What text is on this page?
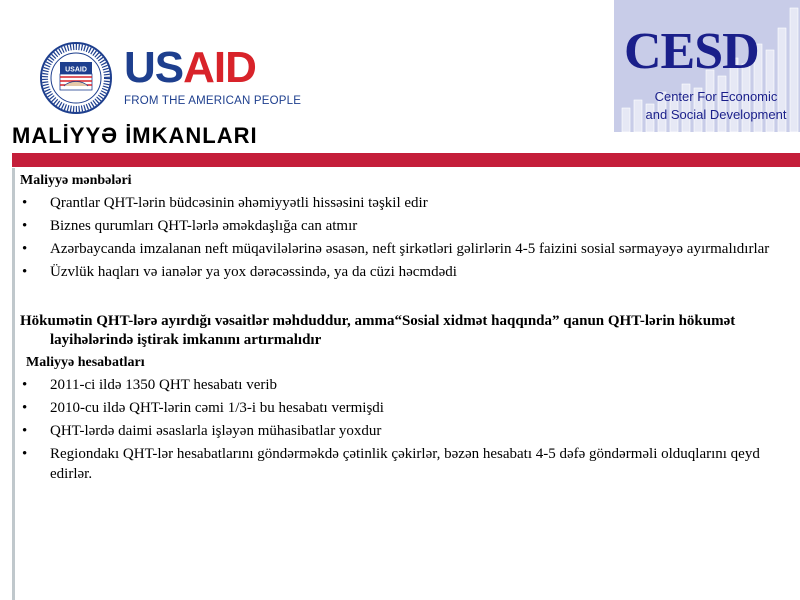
USAID USAID
FROM THE AMERICAN PEOPLE
CESD
Center For Economic
and Social Development
MALİYYƏ İMKANLARI
Maliyyə mənbələri
• Qrantlar QHT-lərin büdcəsinin əhəmiyyətli hissəsini təşkil edir
• Biznes qurumları QHT-lərlə əməkdaşlığa can atmır
• Azərbaycanda imzalanan neft müqavilələrinə əsasən, neft şirkətləri gəlirlərin 4-5 faizini sosial sərmayəyə ayırmalıdırlar
• Üzvlük haqları və ianələr ya yox dərəcəssində, ya da cüzi həcmdədi
Hökumətin QHT-lərə ayırdığı vəsaitlər məhduddur, amma“Sosial xidmət haqqında” qanun QHT-lərin hökumət layihələrində iştirak imkanını artırmalıdır
Maliyyə hesabatları
• 2011-ci ildə 1350 QHT hesabatı verib
• 2010-cu ildə QHT-lərin cəmi 1/3-i bu hesabatı vermişdi
• QHT-lərdə daimi əsaslarla işləyən mühasibatlar yoxdur
• Regiondakı QHT-lər hesabatlarını göndərməkdə çətinlik çəkirlər, bəzən hesabatı 4-5 dəfə göndərməli olduqlarını qeyd edirlər.
